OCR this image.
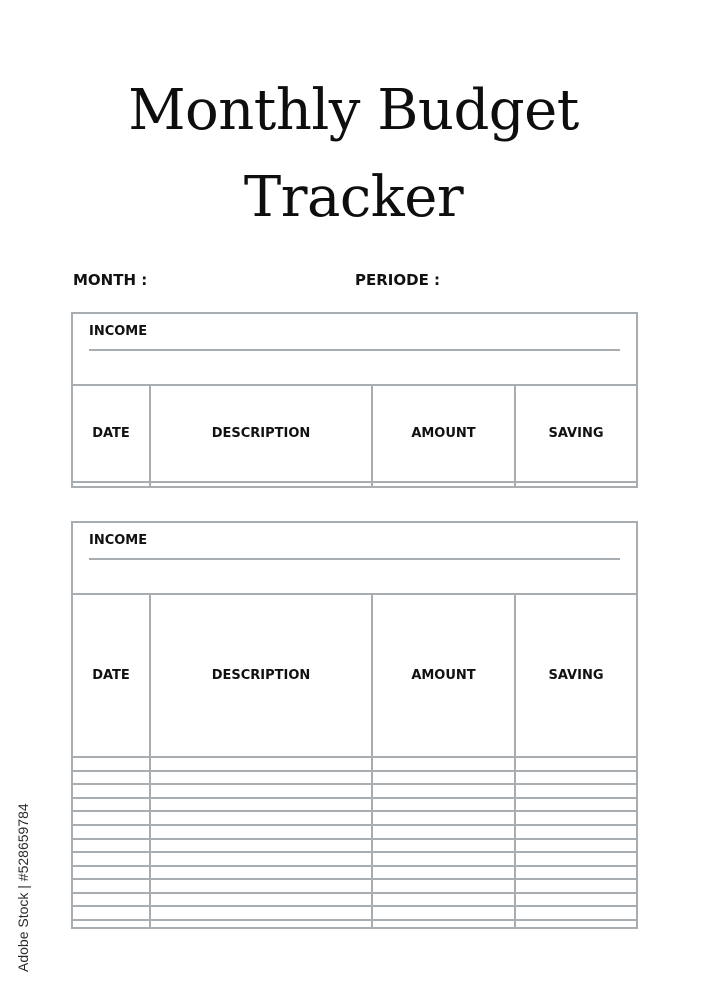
Monthly Budget
Tracker
MONTH :	PERIODE :
INCOME
DATE	DESCRIPTION	AMOUNT	SAVING

INCOME
DATE	DESCRIPTION	AMOUNT	SAVING

Adobe Stock | #528659784
